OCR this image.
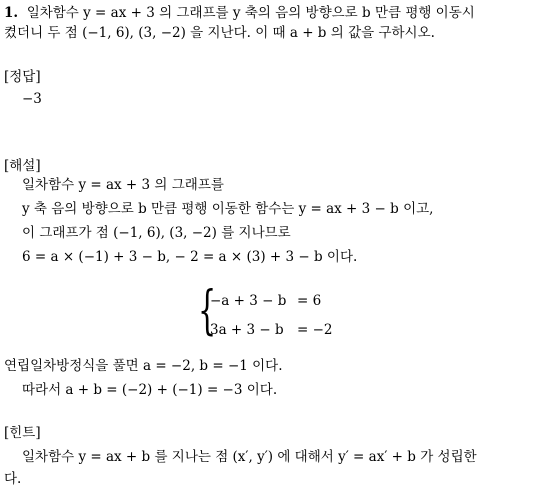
1. 일차함수 y = ax + 3 의 그래프를 y 축의 음의 방향으로 b 만큼 평행 이동시
켰더니 두 점 (−1, 6), (3, −2) 을 지난다. 이 때 a + b 의 값을 구하시오.
[정답]
−3
[해설]
일차함수 y = ax + 3 의 그래프를
y 축 음의 방향으로 b 만큼 평행 이동한 함수는 y = ax + 3 − b 이고,
이 그래프가 점 (−1, 6), (3, −2) 를 지나므로
6 = a × (−1) + 3 − b, − 2 = a × (3) + 3 − b 이다.
{
−a + 3 − b = 6
3a + 3 − b = −2
연립일차방정식을 풀면 a = −2, b = −1 이다.
따라서 a + b = (−2) + (−1) = −3 이다.
[힌트]
일차함수 y = ax + b 를 지나는 점 (x′, y′) 에 대해서 y′ = ax′ + b 가 성립한
다.
